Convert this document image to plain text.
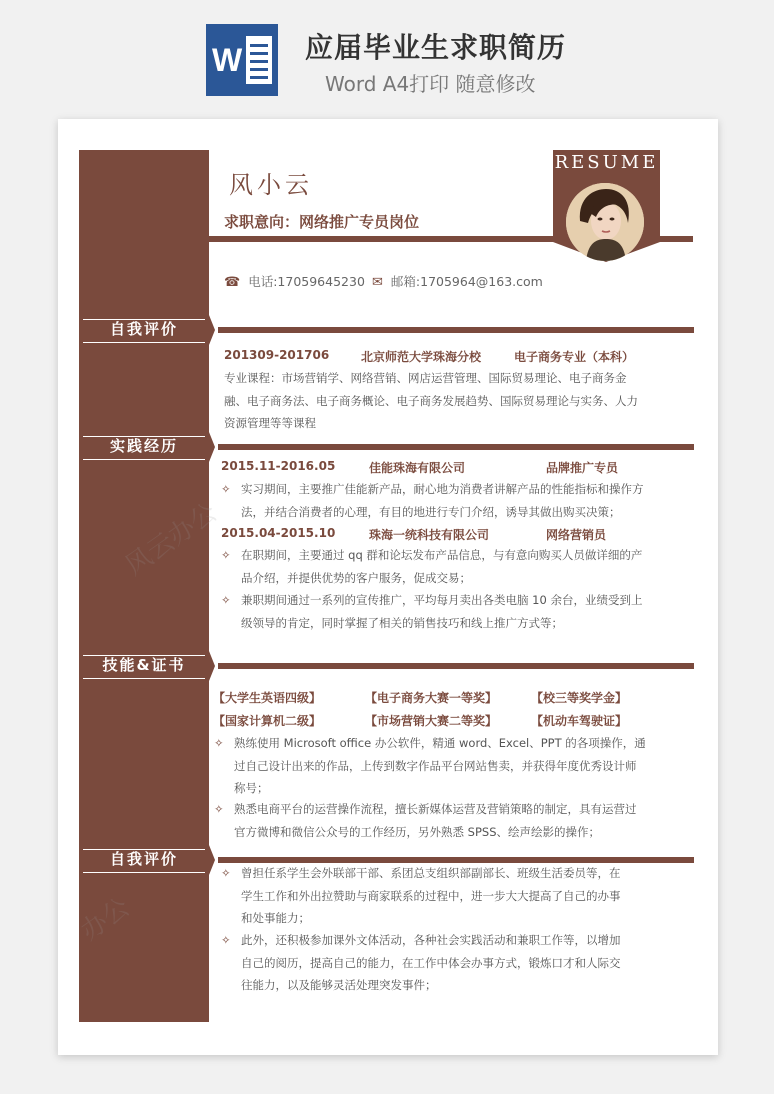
W 应届毕业生求职简历
Word A4打印 随意修改
风小云
求职意向：网络推广专员岗位
RESUME
☎ 电话:17059645230 ✉ 邮箱:1705964@163.com
自我评价
201309-201706	北京师范大学珠海分校	电子商务专业（本科）
专业课程：市场营销学、网络营销、网店运营管理、国际贸易理论、电子商务金融、电子商务法、电子商务概论、电子商务发展趋势、国际贸易理论与实务、人力资源管理等等课程
实践经历
2015.11-2016.05	佳能珠海有限公司	品牌推广专员
✧ 实习期间，主要推广佳能新产品，耐心地为消费者讲解产品的性能指标和操作方法，并结合消费者的心理，有目的地进行专门介绍，诱导其做出购买决策；
2015.04-2015.10	珠海一统科技有限公司	网络营销员
✧ 在职期间，主要通过 qq 群和论坛发布产品信息，与有意向购买人员做详细的产品介绍，并提供优势的客户服务，促成交易；
✧ 兼职期间通过一系列的宣传推广，平均每月卖出各类电脑 10 余台，业绩受到上级领导的肯定，同时掌握了相关的销售技巧和线上推广方式等；
技能&证书
【大学生英语四级】	【电子商务大赛一等奖】	【校三等奖学金】
【国家计算机二级】	【市场营销大赛二等奖】	【机动车驾驶证】
✧ 熟练使用 Microsoft office 办公软件，精通 word、Excel、PPT 的各项操作，通过自己设计出来的作品，上传到数字作品平台网站售卖，并获得年度优秀设计师称号；
✧ 熟悉电商平台的运营操作流程，擅长新媒体运营及营销策略的制定，具有运营过官方微博和微信公众号的工作经历，另外熟悉 SPSS、绘声绘影的操作；
自我评价
✧ 曾担任系学生会外联部干部、系团总支组织部副部长、班级生活委员等，在学生工作和外出拉赞助与商家联系的过程中，进一步大大提高了自己的办事和处事能力；
✧ 此外，还积极参加课外文体活动，各种社会实践活动和兼职工作等，以增加自己的阅历，提高自己的能力，在工作中体会办事方式，锻炼口才和人际交往能力，以及能够灵活处理突发事件；
